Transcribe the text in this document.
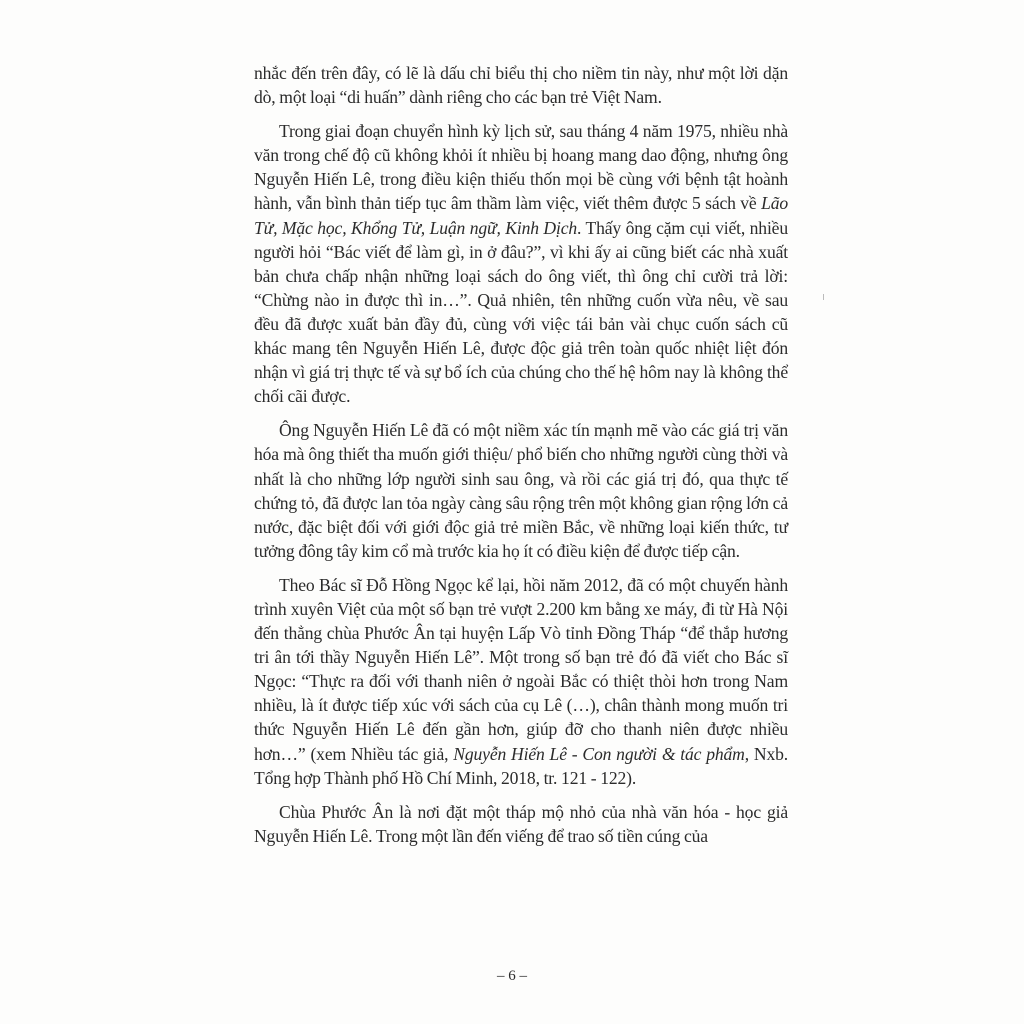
nhắc đến trên đây, có lẽ là dấu chỉ biểu thị cho niềm tin này, như một lời dặn dò, một loại “di huấn” dành riêng cho các bạn trẻ Việt Nam.

Trong giai đoạn chuyển hình kỳ lịch sử, sau tháng 4 năm 1975, nhiều nhà văn trong chế độ cũ không khỏi ít nhiều bị hoang mang dao động, nhưng ông Nguyễn Hiến Lê, trong điều kiện thiếu thốn mọi bề cùng với bệnh tật hoành hành, vẫn bình thản tiếp tục âm thầm làm việc, viết thêm được 5 sách về Lão Tử, Mặc học, Khổng Tử, Luận ngữ, Kinh Dịch. Thấy ông cặm cụi viết, nhiều người hỏi “Bác viết để làm gì, in ở đâu?”, vì khi ấy ai cũng biết các nhà xuất bản chưa chấp nhận những loại sách do ông viết, thì ông chỉ cười trả lời: “Chừng nào in được thì in…”. Quả nhiên, tên những cuốn vừa nêu, về sau đều đã được xuất bản đầy đủ, cùng với việc tái bản vài chục cuốn sách cũ khác mang tên Nguyễn Hiến Lê, được độc giả trên toàn quốc nhiệt liệt đón nhận vì giá trị thực tế và sự bổ ích của chúng cho thế hệ hôm nay là không thể chối cãi được.

Ông Nguyễn Hiến Lê đã có một niềm xác tín mạnh mẽ vào các giá trị văn hóa mà ông thiết tha muốn giới thiệu/ phổ biến cho những người cùng thời và nhất là cho những lớp người sinh sau ông, và rồi các giá trị đó, qua thực tế chứng tỏ, đã được lan tỏa ngày càng sâu rộng trên một không gian rộng lớn cả nước, đặc biệt đối với giới độc giả trẻ miền Bắc, về những loại kiến thức, tư tưởng đông tây kim cổ mà trước kia họ ít có điều kiện để được tiếp cận.

Theo Bác sĩ Đỗ Hồng Ngọc kể lại, hồi năm 2012, đã có một chuyến hành trình xuyên Việt của một số bạn trẻ vượt 2.200 km bằng xe máy, đi từ Hà Nội đến thẳng chùa Phước Ân tại huyện Lấp Vò tỉnh Đồng Tháp “để thắp hương tri ân tới thầy Nguyễn Hiến Lê”. Một trong số bạn trẻ đó đã viết cho Bác sĩ Ngọc: “Thực ra đối với thanh niên ở ngoài Bắc có thiệt thòi hơn trong Nam nhiều, là ít được tiếp xúc với sách của cụ Lê (…), chân thành mong muốn tri thức Nguyễn Hiến Lê đến gần hơn, giúp đỡ cho thanh niên được nhiều hơn…” (xem Nhiều tác giả, Nguyễn Hiến Lê - Con người & tác phẩm, Nxb. Tổng hợp Thành phố Hồ Chí Minh, 2018, tr. 121 - 122).

Chùa Phước Ân là nơi đặt một tháp mộ nhỏ của nhà văn hóa - học giả Nguyễn Hiến Lê. Trong một lần đến viếng để trao số tiền cúng của

– 6 –
